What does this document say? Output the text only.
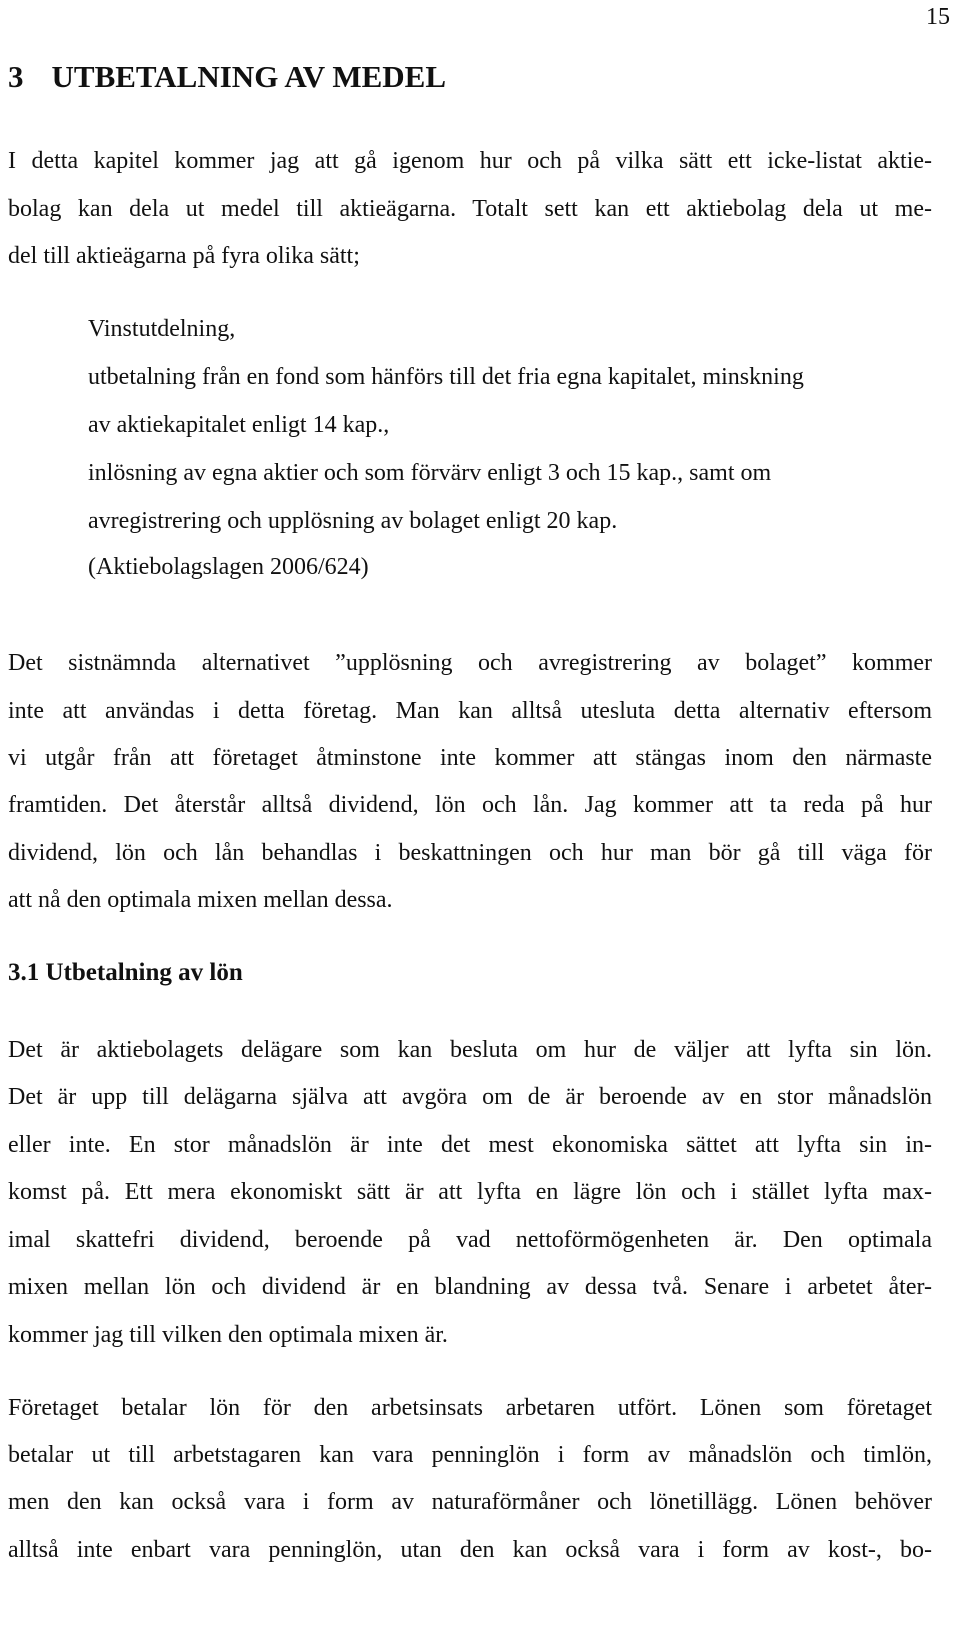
15
3 UTBETALNING AV MEDEL

I detta kapitel kommer jag att gå igenom hur och på vilka sätt ett icke-listat aktie-

bolag kan dela ut medel till aktieägarna. Totalt sett kan ett aktiebolag dela ut me-

del till aktieägarna på fyra olika sätt;

Vinstutdelning,

utbetalning från en fond som hänförs till det fria egna kapitalet, minskning

av aktiekapitalet enligt 14 kap.,

inlösning av egna aktier och som förvärv enligt 3 och 15 kap., samt om

avregistrering och upplösning av bolaget enligt 20 kap.

(Aktiebolagslagen 2006/624)

Det sistnämnda alternativet ”upplösning och avregistrering av bolaget” kommer

inte att användas i detta företag. Man kan alltså utesluta detta alternativ eftersom

vi utgår från att företaget åtminstone inte kommer att stängas inom den närmaste

framtiden. Det återstår alltså dividend, lön och lån. Jag kommer att ta reda på hur

dividend, lön och lån behandlas i beskattningen och hur man bör gå till väga för

att nå den optimala mixen mellan dessa.

3.1 Utbetalning av lön

Det är aktiebolagets delägare som kan besluta om hur de väljer att lyfta sin lön.

Det är upp till delägarna själva att avgöra om de är beroende av en stor månadslön

eller inte. En stor månadslön är inte det mest ekonomiska sättet att lyfta sin in-

komst på. Ett mera ekonomiskt sätt är att lyfta en lägre lön och i stället lyfta max-

imal skattefri dividend, beroende på vad nettoförmögenheten är. Den optimala

mixen mellan lön och dividend är en blandning av dessa två. Senare i arbetet åter-

kommer jag till vilken den optimala mixen är.

Företaget betalar lön för den arbetsinsats arbetaren utfört. Lönen som företaget

betalar ut till arbetstagaren kan vara penninglön i form av månadslön och timlön,

men den kan också vara i form av naturaförmåner och lönetillägg. Lönen behöver

alltså inte enbart vara penninglön, utan den kan också vara i form av kost-, bo-
